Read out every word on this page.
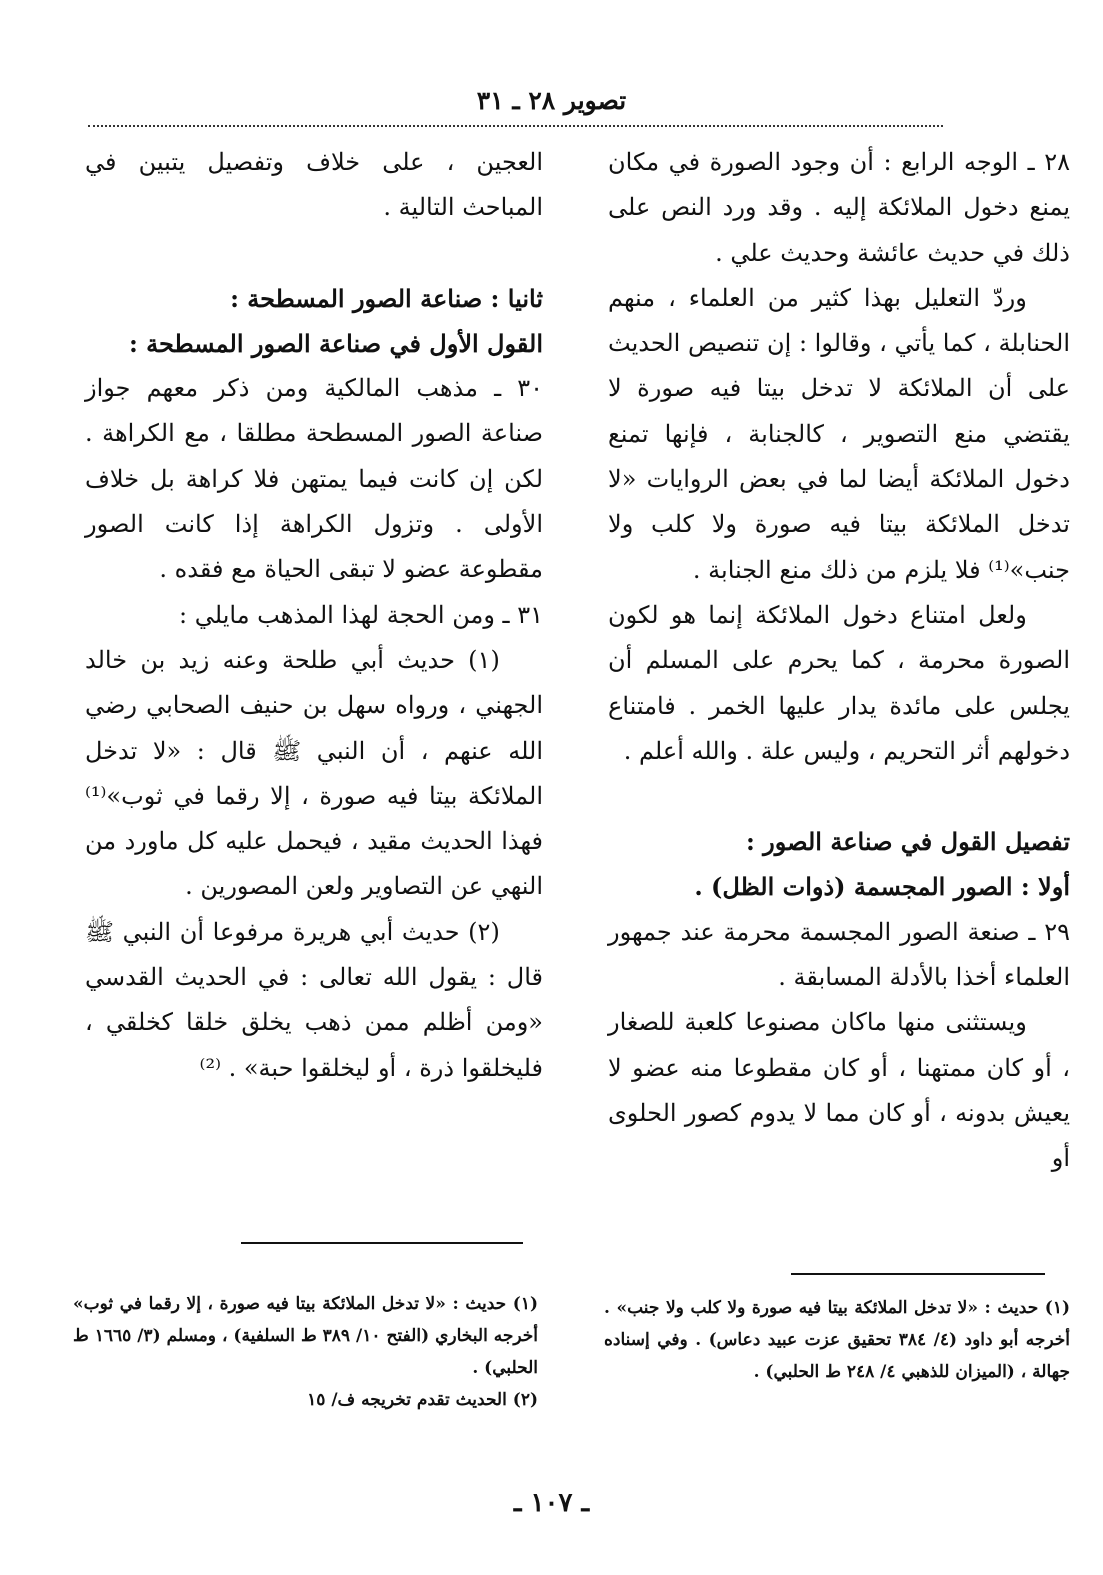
تصوير ٢٨ ـ ٣١

٢٨ ـ الوجه الرابع : أن وجود الصورة في مكان يمنع دخول الملائكة إليه . وقد ورد النص على ذلك في حديث عائشة وحديث علي .

وردّ التعليل بهذا كثير من العلماء ، منهم الحنابلة ، كما يأتي ، وقالوا : إن تنصيص الحديث على أن الملائكة لا تدخل بيتا فيه صورة لا يقتضي منع التصوير ، كالجنابة ، فإنها تمنع دخول الملائكة أيضا لما في بعض الروايات «لا تدخل الملائكة بيتا فيه صورة ولا كلب ولا جنب»⁽¹⁾ فلا يلزم من ذلك منع الجنابة .

ولعل امتناع دخول الملائكة إنما هو لكون الصورة محرمة ، كما يحرم على المسلم أن يجلس على مائدة يدار عليها الخمر . فامتناع دخولهم أثر التحريم ، وليس علة . والله أعلم .

تفصيل القول في صناعة الصور :

أولا : الصور المجسمة (ذوات الظل) .

٢٩ ـ صنعة الصور المجسمة محرمة عند جمهور العلماء أخذا بالأدلة المسابقة .

ويستثنى منها ماكان مصنوعا كلعبة للصغار ، أو كان ممتهنا ، أو كان مقطوعا منه عضو لا يعيش بدونه ، أو كان مما لا يدوم كصور الحلوى أو

العجين ، على خلاف وتفصيل يتبين في المباحث التالية .

ثانيا : صناعة الصور المسطحة :

القول الأول في صناعة الصور المسطحة :

٣٠ ـ مذهب المالكية ومن ذكر معهم جواز صناعة الصور المسطحة مطلقا ، مع الكراهة . لكن إن كانت فيما يمتهن فلا كراهة بل خلاف الأولى . وتزول الكراهة إذا كانت الصور مقطوعة عضو لا تبقى الحياة مع فقده .

٣١ ـ ومن الحجة لهذا المذهب مايلي :

(١) حديث أبي طلحة وعنه زيد بن خالد الجهني ، ورواه سهل بن حنيف الصحابي رضي الله عنهم ، أن النبي ﷺ قال : «لا تدخل الملائكة بيتا فيه صورة ، إلا رقما في ثوب»⁽¹⁾ فهذا الحديث مقيد ، فيحمل عليه كل ماورد من النهي عن التصاوير ولعن المصورين .

(٢) حديث أبي هريرة مرفوعا أن النبي ﷺ قال : يقول الله تعالى : في الحديث القدسي «ومن أظلم ممن ذهب يخلق خلقا كخلقي ، فليخلقوا ذرة ، أو ليخلقوا حبة» . ⁽²⁾

(١) حديث : «لا تدخل الملائكة بيتا فيه صورة ولا كلب ولا جنب» . أخرجه أبو داود (٤/ ٣٨٤ تحقيق عزت عبيد دعاس) . وفي إسناده جهالة ، (الميزان للذهبي ٤/ ٢٤٨ ط الحلبي) .

(١) حديث : «لا تدخل الملائكة بيتا فيه صورة ، إلا رقما في ثوب» أخرجه البخاري (الفتح ١٠/ ٣٨٩ ط السلفية) ، ومسلم (٣/ ١٦٦٥ ط الحلبي) .

(٢) الحديث تقدم تخريجه ف/ ١٥

ـ ١٠٧ ـ
